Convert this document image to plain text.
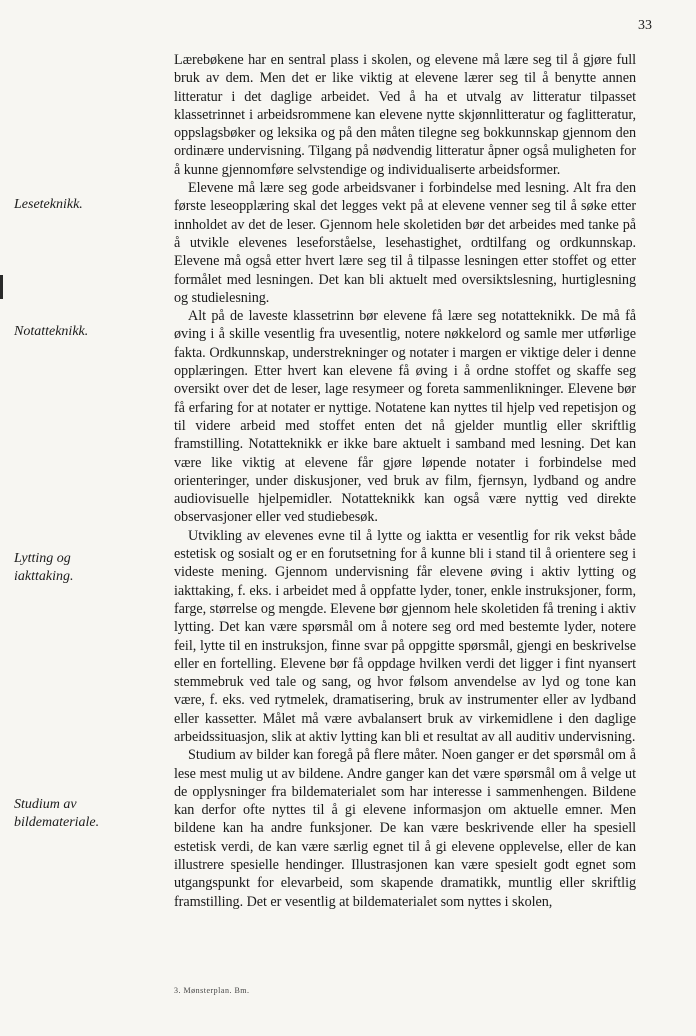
33
Leseteknikk.
Notatteknikk.
Lytting og
iakttaking.
Studium av
bildemateriale.

Lærebøkene har en sentral plass i skolen, og elevene må lære seg til å gjøre full bruk av dem. Men det er like viktig at elevene lærer seg til å benytte annen litteratur i det daglige arbeidet. Ved å ha et utvalg av litteratur tilpasset klassetrinnet i arbeidsrommene kan elevene nytte skjønnlitteratur og faglitteratur, oppslagsbøker og leksika og på den måten tilegne seg bokkunnskap gjennom den ordinære undervisning. Tilgang på nødvendig litteratur åpner også muligheten for å kunne gjennomføre selvstendige og individualiserte arbeidsformer.

Elevene må lære seg gode arbeidsvaner i forbindelse med lesning. Alt fra den første leseopplæring skal det legges vekt på at elevene venner seg til å søke etter innholdet av det de leser. Gjennom hele skoletiden bør det arbeides med tanke på å utvikle elevenes leseforståelse, lesehastighet, ordtilfang og ordkunnskap. Elevene må også etter hvert lære seg til å tilpasse lesningen etter stoffet og etter formålet med lesningen. Det kan bli aktuelt med oversiktslesning, hurtiglesning og studielesning.

Alt på de laveste klassetrinn bør elevene få lære seg notatteknikk. De må få øving i å skille vesentlig fra uvesentlig, notere nøkkelord og samle mer utførlige fakta. Ordkunnskap, understrekninger og notater i margen er viktige deler i denne opplæringen. Etter hvert kan elevene få øving i å ordne stoffet og skaffe seg oversikt over det de leser, lage resymeer og foreta sammenlikninger. Elevene bør få erfaring for at notater er nyttige. Notatene kan nyttes til hjelp ved repetisjon og til videre arbeid med stoffet enten det nå gjelder muntlig eller skriftlig framstilling. Notatteknikk er ikke bare aktuelt i samband med lesning. Det kan være like viktig at elevene får gjøre løpende notater i forbindelse med orienteringer, under diskusjoner, ved bruk av film, fjernsyn, lydband og andre audiovisuelle hjelpemidler. Notatteknikk kan også være nyttig ved direkte observasjoner eller ved studiebesøk.

Utvikling av elevenes evne til å lytte og iaktta er vesentlig for rik vekst både estetisk og sosialt og er en forutsetning for å kunne bli i stand til å orientere seg i videste mening. Gjennom undervisning får elevene øving i aktiv lytting og iakttaking, f. eks. i arbeidet med å oppfatte lyder, toner, enkle instruksjoner, form, farge, størrelse og mengde. Elevene bør gjennom hele skoletiden få trening i aktiv lytting. Det kan være spørsmål om å notere seg ord med bestemte lyder, notere feil, lytte til en instruksjon, finne svar på oppgitte spørsmål, gjengi en beskrivelse eller en fortelling. Elevene bør få oppdage hvilken verdi det ligger i fint nyansert stemmebruk ved tale og sang, og hvor følsom anvendelse av lyd og tone kan være, f. eks. ved rytmelek, dramatisering, bruk av instrumenter eller av lydband eller kassetter. Målet må være avbalansert bruk av virkemidlene i den daglige arbeidssituasjon, slik at aktiv lytting kan bli et resultat av all auditiv undervisning.

Studium av bilder kan foregå på flere måter. Noen ganger er det spørsmål om å lese mest mulig ut av bildene. Andre ganger kan det være spørsmål om å velge ut de opplysninger fra bildematerialet som har interesse i sammenhengen. Bildene kan derfor ofte nyttes til å gi elevene informasjon om aktuelle emner. Men bildene kan ha andre funksjoner. De kan være beskrivende eller ha spesiell estetisk verdi, de kan være særlig egnet til å gi elevene opplevelse, eller de kan illustrere spesielle hendinger. Illustrasjonen kan være spesielt godt egnet som utgangspunkt for elevarbeid, som skapende dramatikk, muntlig eller skriftlig framstilling. Det er vesentlig at bildematerialet som nyttes i skolen,

3. Mønsterplan. Bm.
